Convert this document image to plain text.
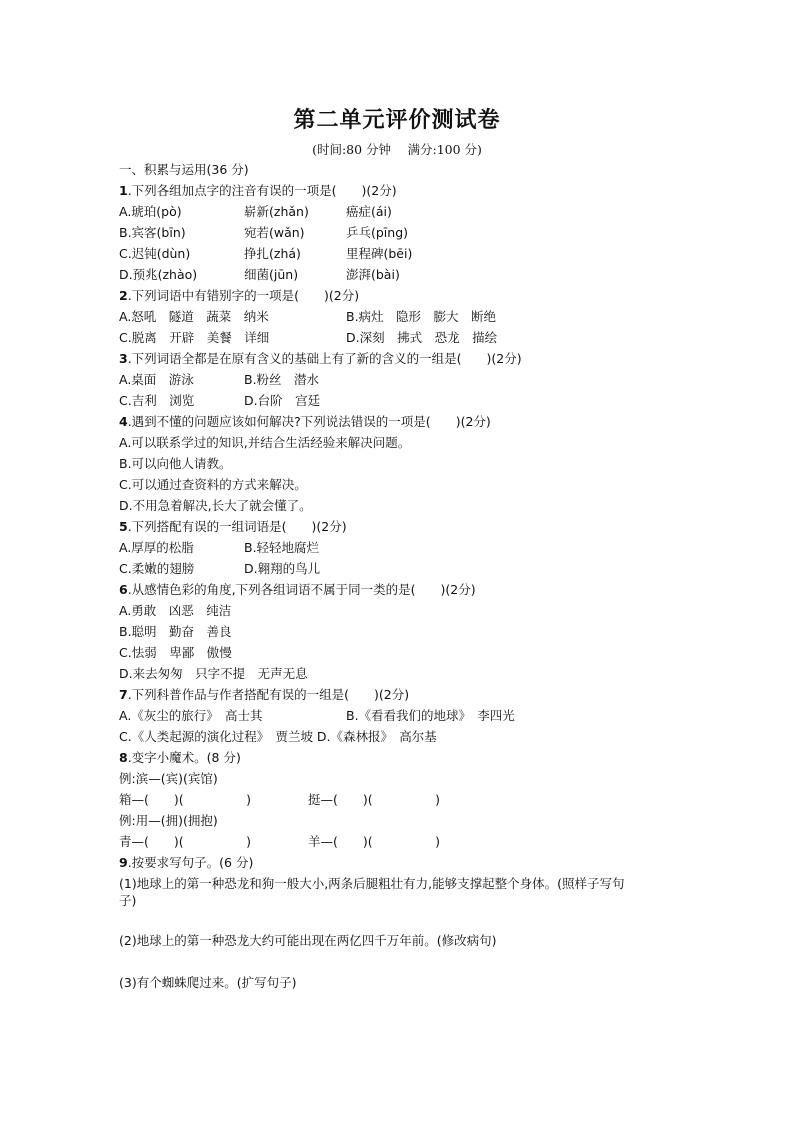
第二单元评价测试卷
(时间:80 分钟　 满分:100 分)
一、积累与运用(36 分)
1.下列各组加点字的注音有误的一项是(　　)(2分)
A.琥珀(pò)	崭新(zhǎn)	癌症(ái)
B.宾客(bīn)	宛若(wǎn)	乒乓(pīng)
C.迟钝(dùn)	挣扎(zhá)	里程碑(bēi)
D.预兆(zhào)	细菌(jūn)	澎湃(bài)
2.下列词语中有错别字的一项是(　　)(2分)
A.怒吼　隧道　蔬菜　纳米	B.病灶　隐形　膨大　断绝
C.脱离　开辟　美餐　详细	D.深刻　拂式　恐龙　描绘
3.下列词语全都是在原有含义的基础上有了新的含义的一组是(　　)(2分)
A.桌面　游泳	B.粉丝　潜水
C.吉利　浏览	D.台阶　宫廷
4.遇到不懂的问题应该如何解决?下列说法错误的一项是(　　)(2分)
A.可以联系学过的知识,并结合生活经验来解决问题。
B.可以向他人请教。
C.可以通过查资料的方式来解决。
D.不用急着解决,长大了就会懂了。
5.下列搭配有误的一组词语是(　　)(2分)
A.厚厚的松脂	B.轻轻地腐烂
C.柔嫩的翅膀	D.翱翔的鸟儿
6.从感情色彩的角度,下列各组词语不属于同一类的是(　　)(2分)
A.勇敢　凶恶　纯洁
B.聪明　勤奋　善良
C.怯弱　卑鄙　傲慢
D.来去匆匆　只字不提　无声无息
7.下列科普作品与作者搭配有误的一组是(　　)(2分)
A.《灰尘的旅行》　高士其	B.《看看我们的地球》　李四光
C.《人类起源的演化过程》　贾兰坡 D.《森林报》　高尔基
8.变字小魔术。(8 分)
例:滨—(宾)(宾馆)
箱—(　　)(　　　　　)	挺—(　　)(　　　　　)
例:用—(拥)(拥抱)
青—(　　)(　　　　　)	羊—(　　)(　　　　　)
9.按要求写句子。(6 分)
(1)地球上的第一种恐龙和狗一般大小,两条后腿粗壮有力,能够支撑起整个身体。(照样子写句
子)
(2)地球上的第一种恐龙大约可能出现在两亿四千万年前。(修改病句)
(3)有个蜘蛛爬过来。(扩写句子)
